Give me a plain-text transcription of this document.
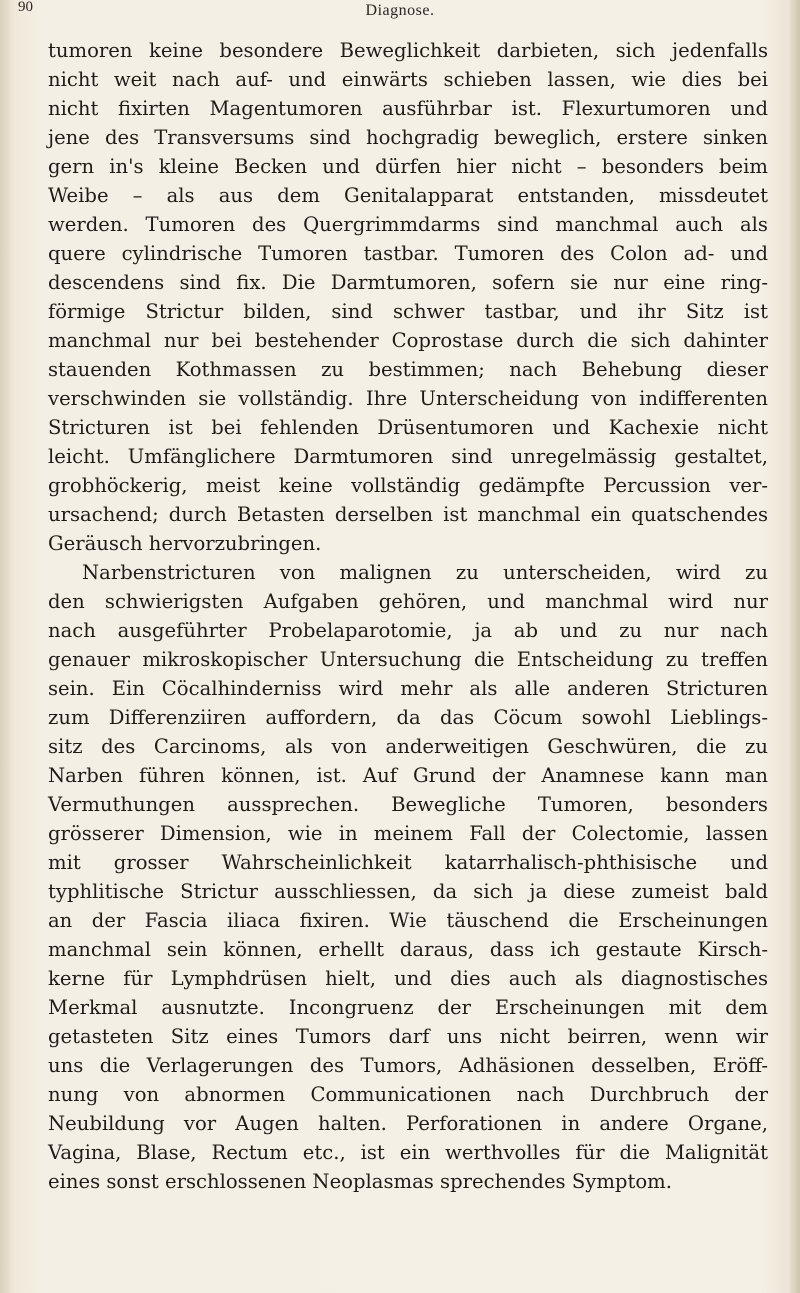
90	Diagnose.
tumoren keine besondere Beweglichkeit darbieten, sich jedenfalls
nicht weit nach auf- und einwärts schieben lassen, wie dies bei
nicht fixirten Magentumoren ausführbar ist. Flexurtumoren und
jene des Transversums sind hochgradig beweglich, erstere sinken
gern in's kleine Becken und dürfen hier nicht – besonders beim
Weibe – als aus dem Genitalapparat entstanden, missdeutet
werden. Tumoren des Quergrimmdarms sind manchmal auch als
quere cylindrische Tumoren tastbar. Tumoren des Colon ad- und
descendens sind fix. Die Darmtumoren, sofern sie nur eine ring-
förmige Strictur bilden, sind schwer tastbar, und ihr Sitz ist
manchmal nur bei bestehender Coprostase durch die sich dahinter
stauenden Kothmassen zu bestimmen; nach Behebung dieser
verschwinden sie vollständig. Ihre Unterscheidung von indifferenten
Stricturen ist bei fehlenden Drüsentumoren und Kachexie nicht
leicht. Umfänglichere Darmtumoren sind unregelmässig gestaltet,
grobhöckerig, meist keine vollständig gedämpfte Percussion ver-
ursachend; durch Betasten derselben ist manchmal ein quatschendes
Geräusch hervorzubringen.
Narbenstricturen von malignen zu unterscheiden, wird zu
den schwierigsten Aufgaben gehören, und manchmal wird nur
nach ausgeführter Probelaparotomie, ja ab und zu nur nach
genauer mikroskopischer Untersuchung die Entscheidung zu treffen
sein. Ein Cöcalhinderniss wird mehr als alle anderen Stricturen
zum Differenziiren auffordern, da das Cöcum sowohl Lieblings-
sitz des Carcinoms, als von anderweitigen Geschwüren, die zu
Narben führen können, ist. Auf Grund der Anamnese kann man
Vermuthungen aussprechen. Bewegliche Tumoren, besonders
grösserer Dimension, wie in meinem Fall der Colectomie, lassen
mit grosser Wahrscheinlichkeit katarrhalisch-phthisische und
typhlitische Strictur ausschliessen, da sich ja diese zumeist bald
an der Fascia iliaca fixiren. Wie täuschend die Erscheinungen
manchmal sein können, erhellt daraus, dass ich gestaute Kirsch-
kerne für Lymphdrüsen hielt, und dies auch als diagnostisches
Merkmal ausnutzte. Incongruenz der Erscheinungen mit dem
getasteten Sitz eines Tumors darf uns nicht beirren, wenn wir
uns die Verlagerungen des Tumors, Adhäsionen desselben, Eröff-
nung von abnormen Communicationen nach Durchbruch der
Neubildung vor Augen halten. Perforationen in andere Organe,
Vagina, Blase, Rectum etc., ist ein werthvolles für die Malignität
eines sonst erschlossenen Neoplasmas sprechendes Symptom.
